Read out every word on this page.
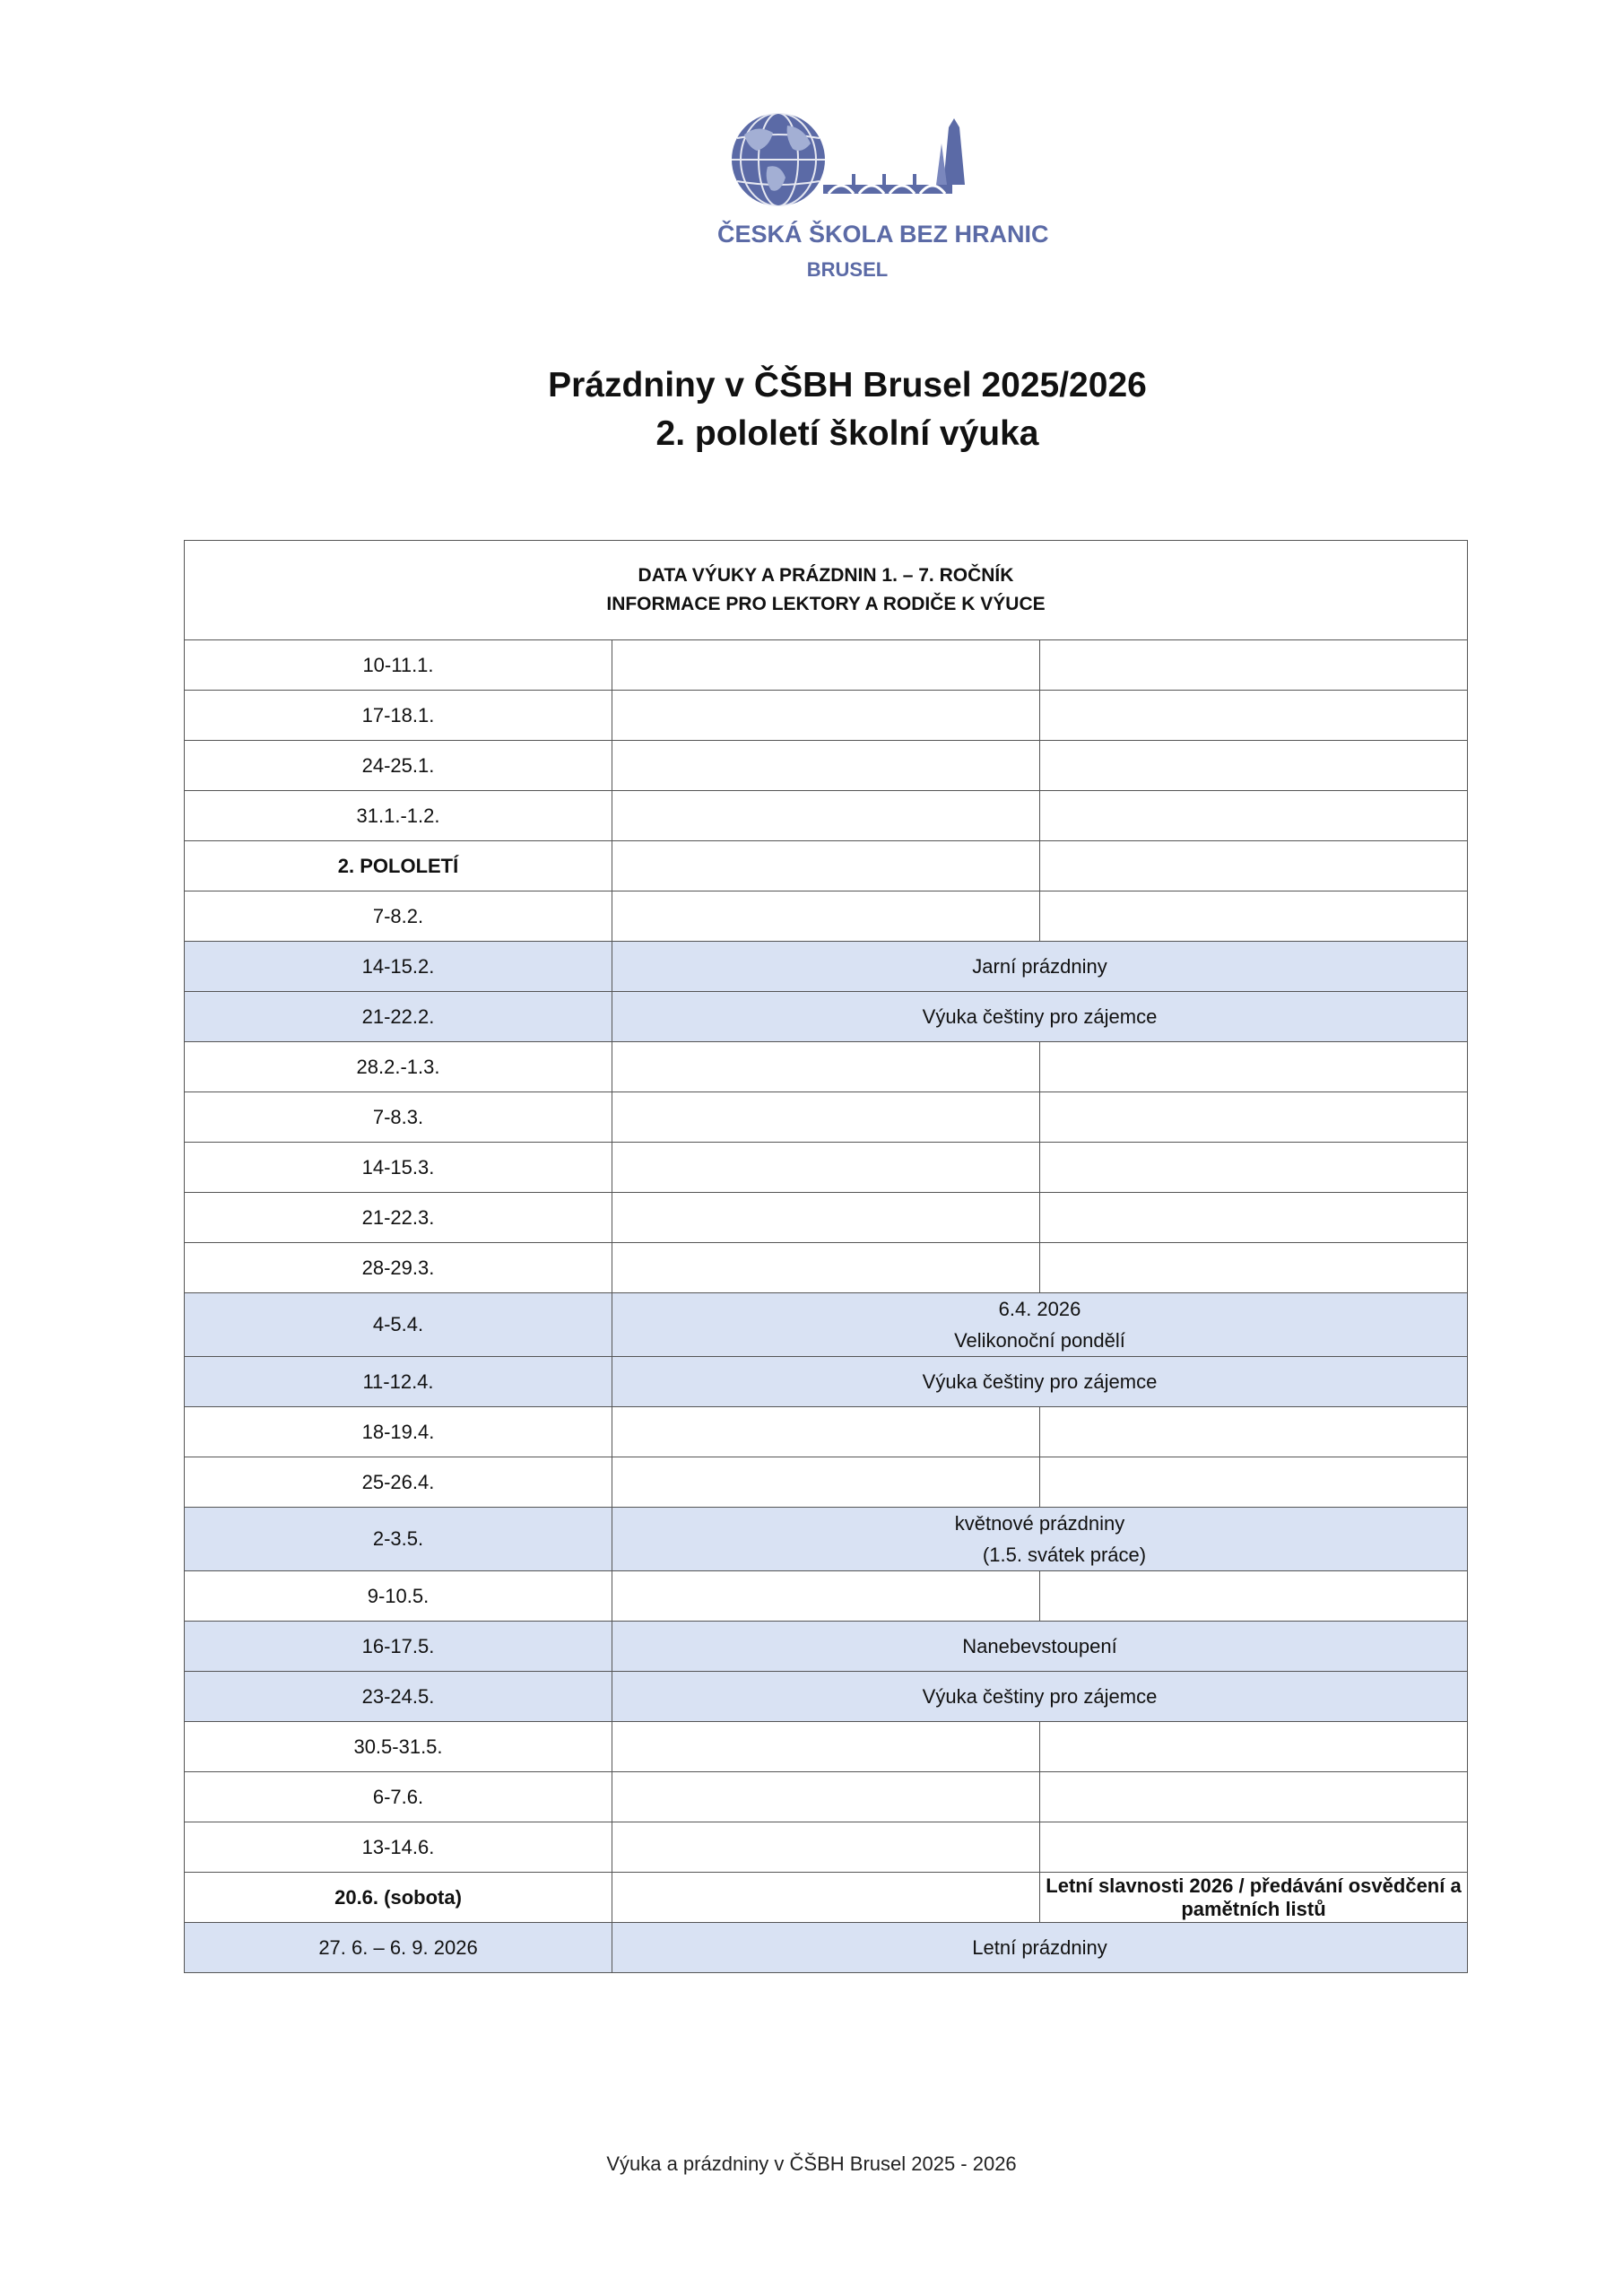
ČESKÁ ŠKOLA BEZ HRANIC
BRUSEL
Prázdniny v ČŠBH Brusel 2025/2026
2. pololetí školní výuka
DATA VÝUKY A PRÁZDNIN 1. – 7. ROČNÍK
INFORMACE PRO LEKTORY A RODIČE K VÝUCE		
10-11.1.		
17-18.1.		
24-25.1.		
31.1.-1.2.		
2. POLOLETÍ		
7-8.2.		
14-15.2.	Jarní prázdniny	
21-22.2.	Výuka češtiny pro zájemce	
28.2.-1.3.		
7-8.3.		
14-15.3.		
21-22.3.		
28-29.3.		
4-5.4.	6.4. 2026
Velikonoční pondělí	
11-12.4.	Výuka češtiny pro zájemce	
18-19.4.		
25-26.4.		
2-3.5.	květnové prázdniny
(1.5. svátek práce)	
9-10.5.		
16-17.5.	Nanebevstoupení	
23-24.5.	Výuka češtiny pro zájemce	
30.5-31.5.		
6-7.6.		
13-14.6.		
20.6. (sobota)		Letní slavnosti 2026 / předávání osvědčení a pamětních listů
27. 6. – 6. 9. 2026	Letní prázdniny	
Výuka a prázdniny v ČŠBH Brusel 2025 - 2026
